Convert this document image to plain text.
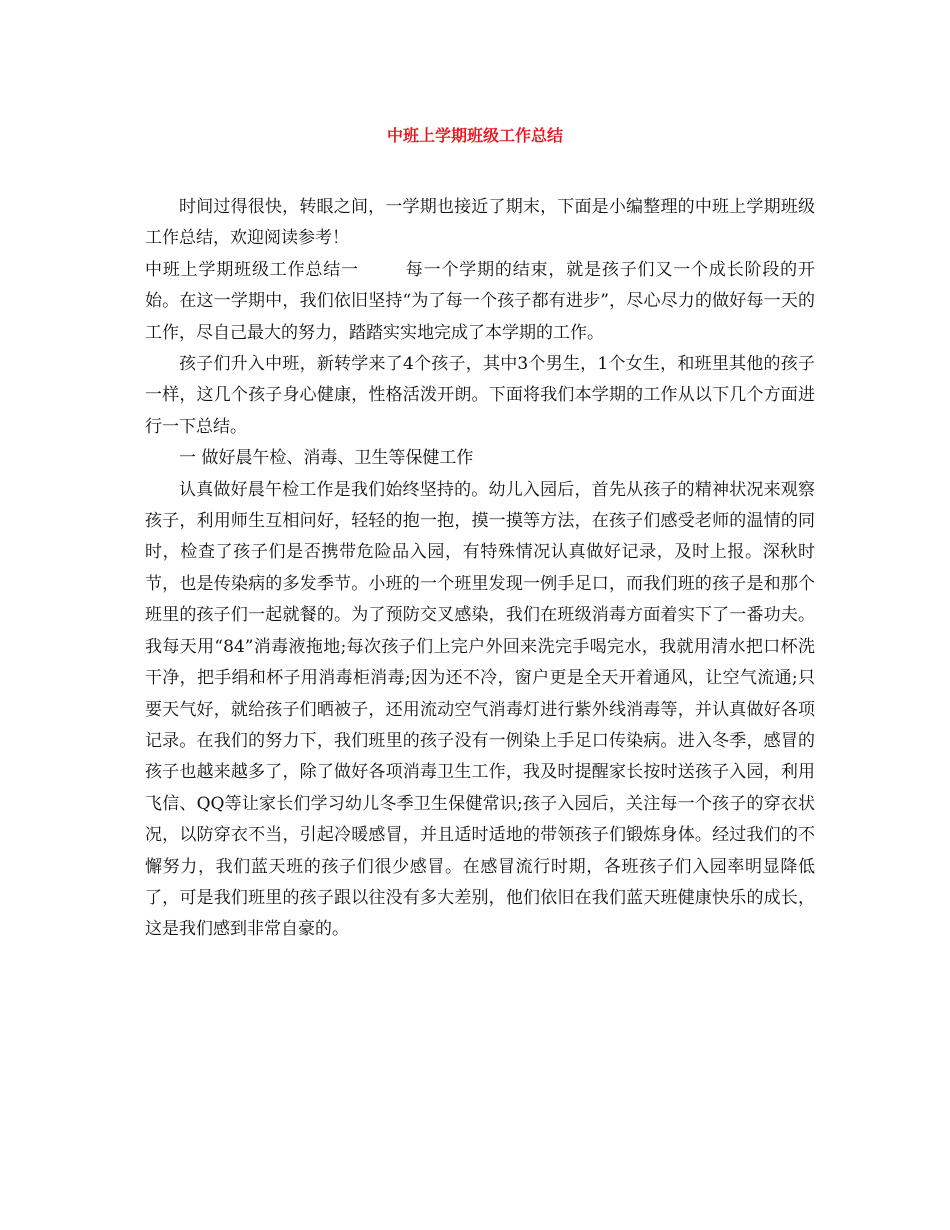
中班上学期班级工作总结

时间过得很快，转眼之间，一学期也接近了期末，下面是小编整理的中班上学期班级工作总结，欢迎阅读参考！

中班上学期班级工作总结一	每一个学期的结束，就是孩子们又一个成长阶段的开始。在这一学期中，我们依旧坚持“为了每一个孩子都有进步”，尽心尽力的做好每一天的工作，尽自己最大的努力，踏踏实实地完成了本学期的工作。

孩子们升入中班，新转学来了4个孩子，其中3个男生，1个女生，和班里其他的孩子一样，这几个孩子身心健康，性格活泼开朗。下面将我们本学期的工作从以下几个方面进行一下总结。

一 做好晨午检、消毒、卫生等保健工作

认真做好晨午检工作是我们始终坚持的。幼儿入园后，首先从孩子的精神状况来观察孩子，利用师生互相问好，轻轻的抱一抱，摸一摸等方法，在孩子们感受老师的温情的同时，检查了孩子们是否携带危险品入园，有特殊情况认真做好记录，及时上报。深秋时节，也是传染病的多发季节。小班的一个班里发现一例手足口，而我们班的孩子是和那个班里的孩子们一起就餐的。为了预防交叉感染，我们在班级消毒方面着实下了一番功夫。我每天用“84”消毒液拖地;每次孩子们上完户外回来洗完手喝完水，我就用清水把口杯洗干净，把手绢和杯子用消毒柜消毒;因为还不冷，窗户更是全天开着通风，让空气流通;只要天气好，就给孩子们晒被子，还用流动空气消毒灯进行紫外线消毒等，并认真做好各项记录。在我们的努力下，我们班里的孩子没有一例染上手足口传染病。进入冬季，感冒的孩子也越来越多了，除了做好各项消毒卫生工作，我及时提醒家长按时送孩子入园，利用飞信、QQ等让家长们学习幼儿冬季卫生保健常识;孩子入园后，关注每一个孩子的穿衣状况，以防穿衣不当，引起冷暖感冒，并且适时适地的带领孩子们锻炼身体。经过我们的不懈努力，我们蓝天班的孩子们很少感冒。在感冒流行时期，各班孩子们入园率明显降低了，可是我们班里的孩子跟以往没有多大差别，他们依旧在我们蓝天班健康快乐的成长，这是我们感到非常自豪的。
